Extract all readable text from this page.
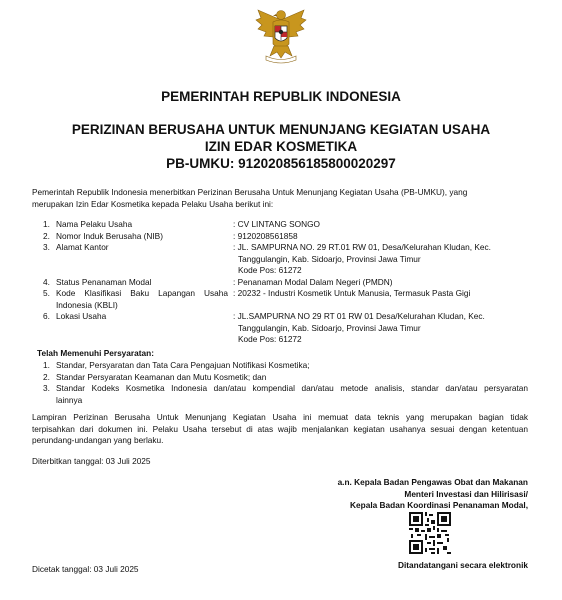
PEMERINTAH REPUBLIK INDONESIA
PERIZINAN BERUSAHA UNTUK MENUNJANG KEGIATAN USAHA
IZIN EDAR KOSMETIKA
PB-UMKU: 912020856185800020297
Pemerintah Republik Indonesia menerbitkan Perizinan Berusaha Untuk Menunjang Kegiatan Usaha (PB-UMKU), yang
merupakan Izin Edar Kosmetika kepada Pelaku Usaha berikut ini:
1. Nama Pelaku Usaha	: CV LINTANG SONGO
2. Nomor Induk Berusaha (NIB)	: 9120208561858
3. Alamat Kantor	: JL. SAMPURNA NO. 29 RT.01 RW 01, Desa/Kelurahan Kludan, Kec.
Tanggulangin, Kab. Sidoarjo, Provinsi Jawa Timur
Kode Pos: 61272
4. Status Penanaman Modal	: Penanaman Modal Dalam Negeri (PMDN)
5. Kode Klasifikasi Baku Lapangan Usaha : 20232 - Industri Kosmetik Untuk Manusia, Termasuk Pasta Gigi
Indonesia (KBLI)
6. Lokasi Usaha	: JL.SAMPURNA NO 29 RT 01 RW 01 Desa/Kelurahan Kludan, Kec.
Tanggulangin, Kab. Sidoarjo, Provinsi Jawa Timur
Kode Pos: 61272
Telah Memenuhi Persyaratan:
1. Standar, Persyaratan dan Tata Cara Pengajuan Notifikasi Kosmetika;
2. Standar Persyaratan Keamanan dan Mutu Kosmetik; dan
3. Standar Kodeks Kosmetika Indonesia dan/atau kompendial dan/atau metode analisis, standar dan/atau persyaratan
lainnya
Lampiran Perizinan Berusaha Untuk Menunjang Kegiatan Usaha ini memuat data teknis yang merupakan bagian tidak
terpisahkan dari dokumen ini. Pelaku Usaha tersebut di atas wajib menjalankan kegiatan usahanya sesuai dengan ketentuan
perundang-undangan yang berlaku.
Diterbitkan tanggal: 03 Juli 2025
a.n. Kepala Badan Pengawas Obat dan Makanan
Menteri Investasi dan Hilirisasi/
Kepala Badan Koordinasi Penanaman Modal,
Ditandatangani secara elektronik
Dicetak tanggal: 03 Juli 2025
